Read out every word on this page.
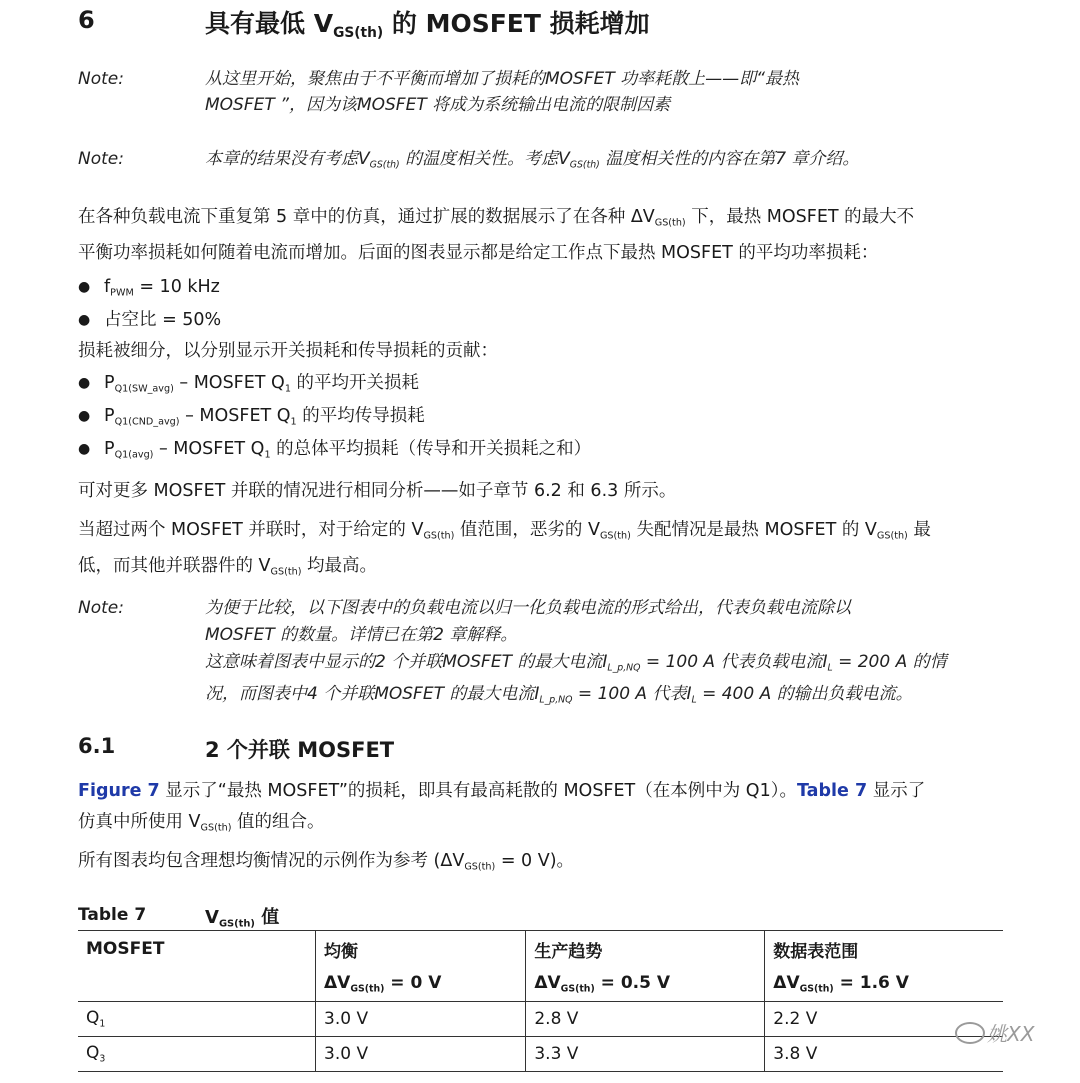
6	具有最低 $V_{GS(th)}$ 的 MOSFET 损耗增加
Note:	从这里开始，聚焦由于不平衡而增加了损耗的MOSFET 功率耗散上——即“最热
MOSFET ”，因为该MOSFET 将成为系统输出电流的限制因素
Note:	本章的结果没有考虑$V_{GS(th)}$ 的温度相关性。考虑$V_{GS(th)}$ 温度相关性的内容在第7 章介绍。
在各种负载电流下重复第 5 章中的仿真，通过扩展的数据展示了在各种 $\Delta V_{GS(th)}$ 下，最热 MOSFET 的最大不
平衡功率损耗如何随着电流而增加。后面的图表显示都是给定工作点下最热 MOSFET 的平均功率损耗：
● $f_{PWM} = 10$ kHz
● 占空比 = 50%
损耗被细分，以分别显示开关损耗和传导损耗的贡献：
● $P_{Q1(SW\_avg)}$ – MOSFET $Q_1$ 的平均开关损耗
● $P_{Q1(CND\_avg)}$ – MOSFET $Q_1$ 的平均传导损耗
● $P_{Q1(avg)}$ – MOSFET $Q_1$ 的总体平均损耗（传导和开关损耗之和）
可对更多 MOSFET 并联的情况进行相同分析——如子章节 6.2 和 6.3 所示。
当超过两个 MOSFET 并联时，对于给定的 $V_{GS(th)}$ 值范围，恶劣的 $V_{GS(th)}$ 失配情况是最热 MOSFET 的 $V_{GS(th)}$ 最
低，而其他并联器件的 $V_{GS(th)}$ 均最高。
Note:	为便于比较，以下图表中的负载电流以归一化负载电流的形式给出，代表负载电流除以
MOSFET 的数量。详情已在第2 章解释。
这意味着图表中显示的2 个并联MOSFET 的最大电流$I_{L\_p,NQ} = 100$ A 代表负载电流$I_L = 200$ A 的情
况，而图表中4 个并联MOSFET 的最大电流$I_{L\_p,NQ} = 100$ A 代表$I_L = 400$ A 的输出负载电流。
6.1	2 个并联 MOSFET
Figure 7 显示了“最热 MOSFET”的损耗，即具有最高耗散的 MOSFET（在本例中为 Q1）。Table 7 显示了
仿真中所使用 $V_{GS(th)}$ 值的组合。
所有图表均包含理想均衡情况的示例作为参考 ($\Delta V_{GS(th)} = 0$ V)。
Table 7	$V_{GS(th)}$ 值
MOSFET	均衡	生产趋势	数据表范围
	$\Delta V_{GS(th)} = 0$ V	$\Delta V_{GS(th)} = 0.5$ V	$\Delta V_{GS(th)} = 1.6$ V
$Q_1$	3.0 V	2.8 V	2.2 V
$Q_3$	3.0 V	3.3 V	3.8 V
姚XX
